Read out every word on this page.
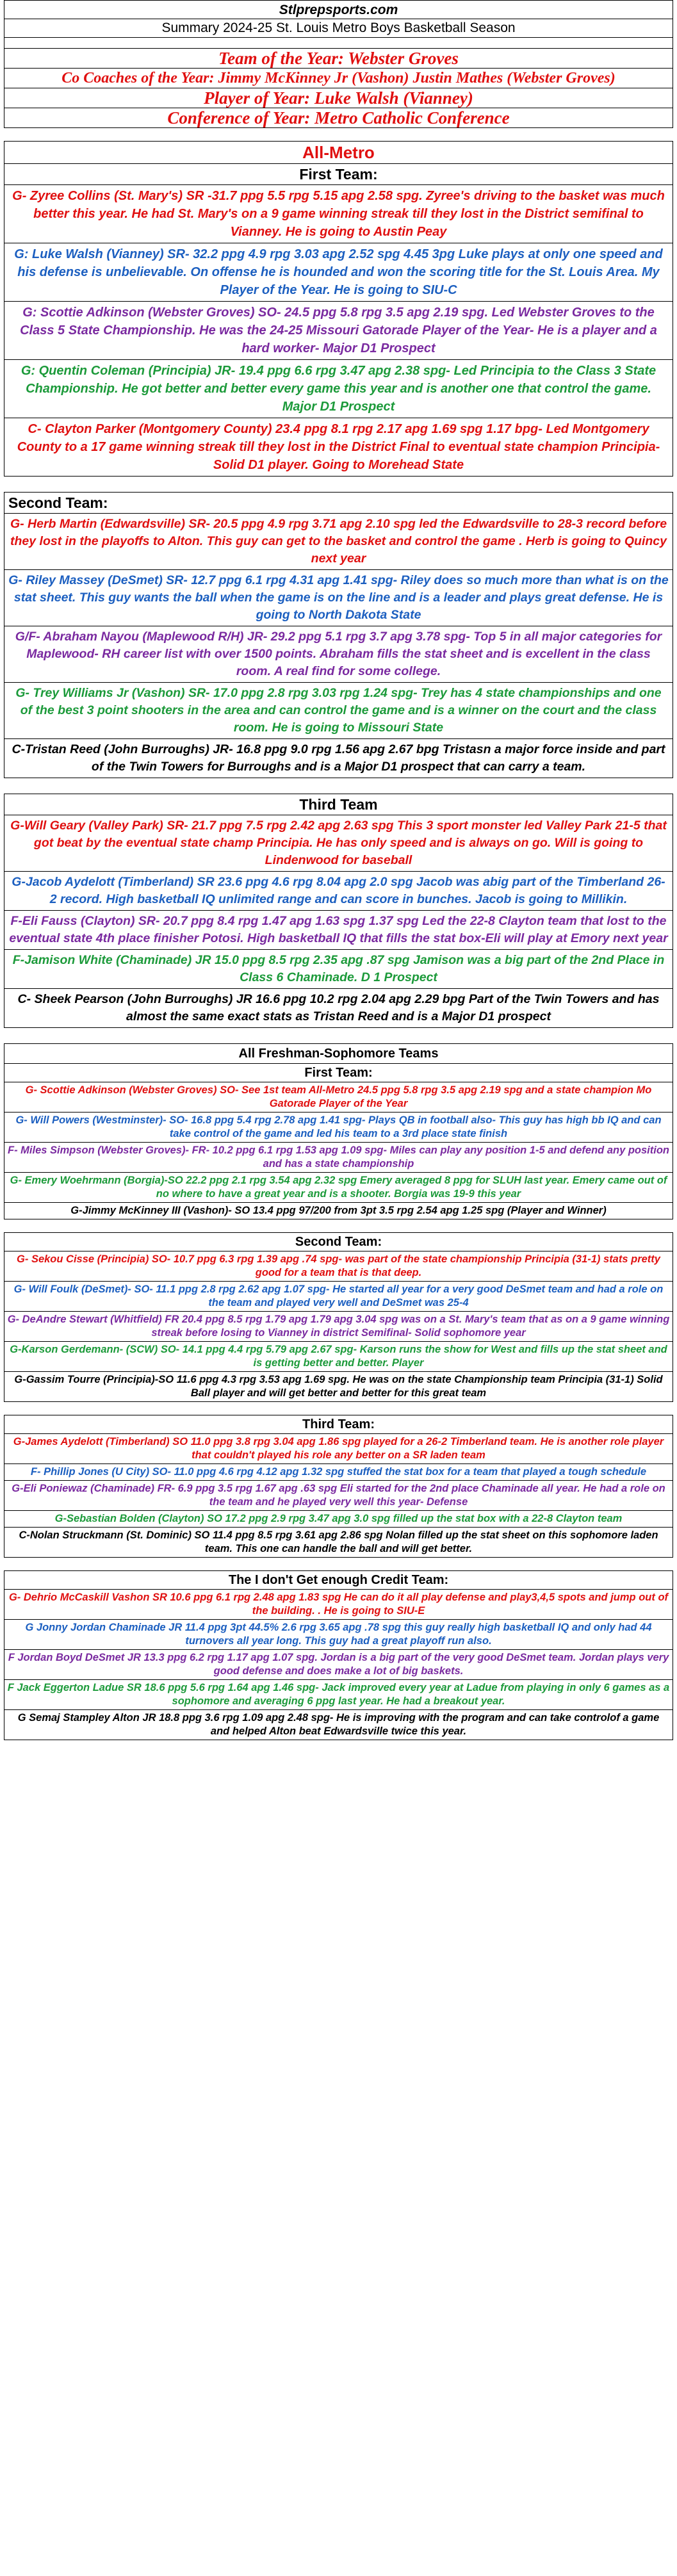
Stlprepsports.com
Summary 2024-25 St. Louis Metro Boys Basketball Season
Team of the Year: Webster Groves
Co Coaches of the Year: Jimmy McKinney Jr (Vashon) Justin Mathes (Webster Groves)
Player of Year: Luke Walsh (Vianney)
Conference of Year: Metro Catholic Conference
All-Metro
First Team:
G- Zyree Collins (St. Mary's) SR -31.7 ppg 5.5 rpg 5.15 apg 2.58 spg. Zyree's driving to the basket was much better this year. He had St. Mary's on a 9 game winning streak till they lost in the District semifinal to Vianney. He is going to Austin Peay
G: Luke Walsh (Vianney) SR- 32.2 ppg 4.9 rpg 3.03 apg 2.52 spg 4.45 3pg Luke plays at only one speed and his defense is unbelievable. On offense he is hounded and won the scoring title for the St. Louis Area. My Player of the Year. He is going to SIU-C
G: Scottie Adkinson (Webster Groves) SO- 24.5 ppg 5.8 rpg 3.5 apg 2.19 spg. Led Webster Groves to the Class 5 State Championship. He was the 24-25 Missouri Gatorade Player of the Year- He is a player and a hard worker- Major D1 Prospect
G: Quentin Coleman (Principia) JR- 19.4 ppg 6.6 rpg 3.47 apg 2.38 spg- Led Principia to the Class 3 State Championship. He got better and better every game this year and is another one that control the game. Major D1 Prospect
C- Clayton Parker (Montgomery County) 23.4 ppg 8.1 rpg 2.17 apg 1.69 spg 1.17 bpg- Led Montgomery County to a 17 game winning streak till they lost in the District Final to eventual state champion Principia- Solid D1 player. Going to Morehead State
Second Team:
G- Herb Martin (Edwardsville) SR- 20.5 ppg 4.9 rpg 3.71 apg 2.10 spg led the Edwardsville to 28-3 record before they lost in the playoffs to Alton. This guy can get to the basket and control the game . Herb is going to Quincy next year
G- Riley Massey (DeSmet) SR- 12.7 ppg 6.1 rpg 4.31 apg 1.41 spg- Riley does so much more than what is on the stat sheet. This guy wants the ball when the game is on the line and is a leader and plays great defense. He is going to North Dakota State
G/F- Abraham Nayou (Maplewood R/H) JR- 29.2 ppg 5.1 rpg 3.7 apg 3.78 spg- Top 5 in all major categories for Maplewood- RH career list with over 1500 points. Abraham fills the stat sheet and is excellent in the class room. A real find for some college.
G- Trey Williams Jr (Vashon) SR- 17.0 ppg 2.8 rpg 3.03 rpg 1.24 spg- Trey has 4 state championships and one of the best 3 point shooters in the area and can control the game and is a winner on the court and the class room. He is going to Missouri State
C-Tristan Reed (John Burroughs) JR- 16.8 ppg 9.0 rpg 1.56 apg 2.67 bpg Tristasn a major force inside and part of the Twin Towers for Burroughs and is a Major D1 prospect that can carry a team.
Third Team
G-Will Geary (Valley Park) SR- 21.7 ppg 7.5 rpg 2.42 apg 2.63 spg This 3 sport monster led Valley Park 21-5 that got beat by the eventual state champ Principia. He has only speed and is always on go. Will is going to Lindenwood for baseball
G-Jacob Aydelott (Timberland) SR 23.6 ppg 4.6 rpg 8.04 apg 2.0 spg Jacob was abig part of the Timberland 26-2 record. High basketball IQ unlimited range and can score in bunches. Jacob is going to Millikin.
F-Eli Fauss (Clayton) SR- 20.7 ppg 8.4 rpg 1.47 apg 1.63 spg 1.37 spg Led the 22-8 Clayton team that lost to the eventual state 4th place finisher Potosi. High basketball IQ that fills the stat box-Eli will play at Emory next year
F-Jamison White (Chaminade) JR 15.0 ppg 8.5 rpg 2.35 apg .87 spg Jamison was a big part of the 2nd Place in Class 6 Chaminade. D 1 Prospect
C- Sheek Pearson (John Burroughs) JR 16.6 ppg 10.2 rpg 2.04 apg 2.29 bpg Part of the Twin Towers and has almost the same exact stats as Tristan Reed and is a Major D1 prospect
All Freshman-Sophomore Teams
First Team:
G- Scottie Adkinson (Webster Groves) SO- See 1st team All-Metro 24.5 ppg 5.8 rpg 3.5 apg 2.19 spg and a state champion Mo Gatorade Player of the Year
G- Will Powers (Westminster)- SO- 16.8 ppg 5.4 rpg 2.78 apg 1.41 spg- Plays QB in football also- This guy has high bb IQ and can take control of the game and led his team to a 3rd place state finish
F- Miles Simpson (Webster Groves)- FR- 10.2 ppg 6.1 rpg 1.53 apg 1.09 spg- Miles can play any position 1-5 and defend any position and has a state championship
G- Emery Woehrmann (Borgia)-SO 22.2 ppg 2.1 rpg 3.54 apg 2.32 spg Emery averaged 8 ppg for SLUH last year. Emery came out of no where to have a great year and is a shooter. Borgia was 19-9 this year
G-Jimmy McKinney III (Vashon)- SO 13.4 ppg 97/200 from 3pt 3.5 rpg 2.54 apg 1.25 spg (Player and Winner)
Second Team:
G- Sekou Cisse (Principia) SO- 10.7 ppg 6.3 rpg 1.39 apg .74 spg- was part of the state championship Principia (31-1) stats pretty good for a team that is that deep.
G- Will Foulk (DeSmet)- SO- 11.1 ppg 2.8 rpg 2.62 apg 1.07 spg- He started all year for a very good DeSmet team and had a role on the team and played very well and DeSmet was 25-4
G- DeAndre Stewart (Whitfield) FR 20.4 ppg 8.5 rpg 1.79 apg 1.79 apg 3.04 spg was on a St. Mary's team that as on a 9 game winning streak before losing to Vianney in district Semifinal- Solid sophomore year
G-Karson Gerdemann- (SCW) SO- 14.1 ppg 4.4 rpg 5.79 apg 2.67 spg- Karson runs the show for West and fills up the stat sheet and is getting better and better. Player
G-Gassim Tourre (Principia)-SO 11.6 ppg 4.3 rpg 3.53 apg 1.69 spg. He was on the state Championship team Principia (31-1) Solid Ball player and will get better and better for this great team
Third Team:
G-James Aydelott (Timberland) SO 11.0 ppg 3.8 rpg 3.04 apg 1.86 spg played for a 26-2 Timberland team. He is another role player that couldn't played his role any better on a SR laden team
F- Phillip Jones (U City) SO- 11.0 ppg 4.6 rpg 4.12 apg 1.32 spg stuffed the stat box for a team that played a tough schedule
G-Eli Poniewaz (Chaminade) FR- 6.9 ppg 3.5 rpg 1.67 apg .63 spg Eli started for the 2nd place Chaminade all year. He had a role on the team and he played very well this year- Defense
G-Sebastian Bolden (Clayton) SO 17.2 ppg 2.9 rpg 3.47 apg 3.0 spg filled up the stat box with a 22-8 Clayton team
C-Nolan Struckmann (St. Dominic) SO 11.4 ppg 8.5 rpg 3.61 apg 2.86 spg Nolan filled up the stat sheet on this sophomore laden team. This one can handle the ball and will get better.
The I don't Get enough Credit Team:
G- Dehrio McCaskill Vashon SR 10.6 ppg 6.1 rpg 2.48 apg 1.83 spg He can do it all play defense and play3,4,5 spots and jump out of the building. . He is going to SIU-E
G Jonny Jordan Chaminade JR 11.4 ppg 3pt 44.5% 2.6 rpg 3.65 apg .78 spg this guy really high basketball IQ and only had 44 turnovers all year long. This guy had a great playoff run also.
F Jordan Boyd DeSmet JR 13.3 ppg 6.2 rpg 1.17 apg 1.07 spg. Jordan is a big part of the very good DeSmet team. Jordan plays very good defense and does make a lot of big baskets.
F Jack Eggerton Ladue SR 18.6 ppg 5.6 rpg 1.64 apg 1.46 spg- Jack improved every year at Ladue from playing in only 6 games as a sophomore and averaging 6 ppg last year. He had a breakout year.
G Semaj Stampley Alton JR 18.8 ppg 3.6 rpg 1.09 apg 2.48 spg- He is improving with the program and can take controlof a game and helped Alton beat Edwardsville twice this year.
